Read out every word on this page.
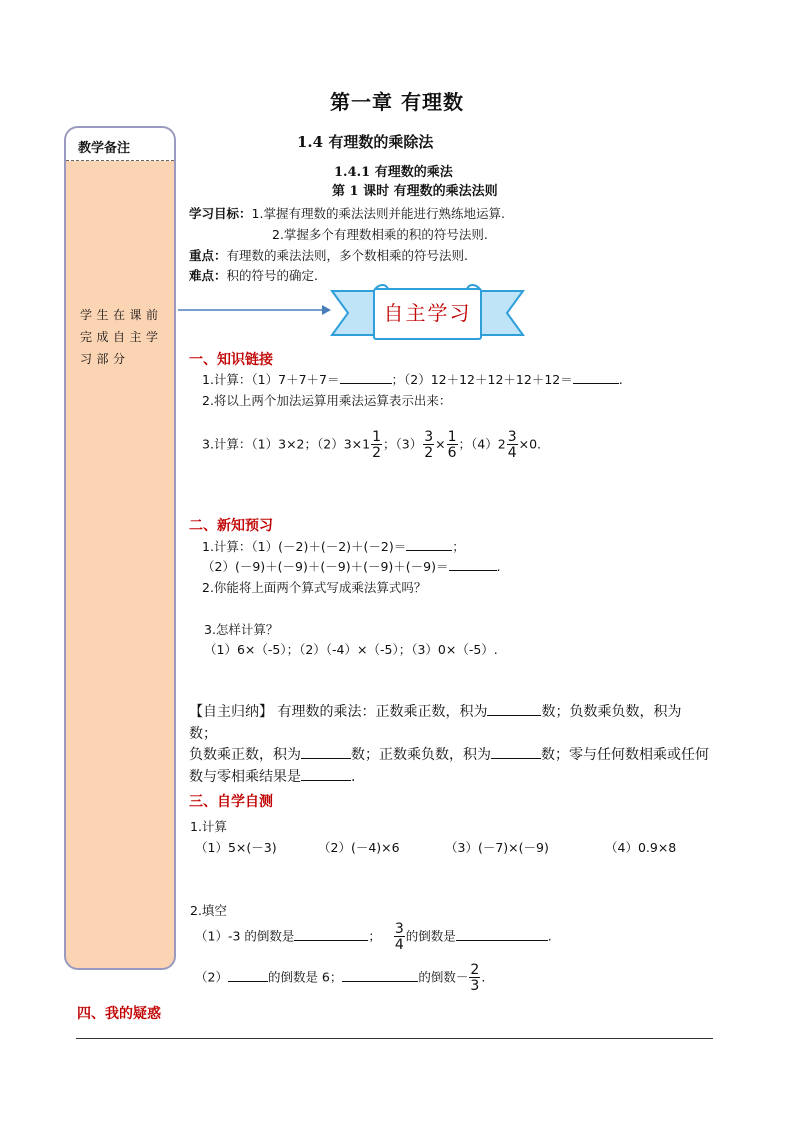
第一章 有理数
教学备注
学生在课前完成自主学习部分
1.4 有理数的乘除法
1.4.1 有理数的乘法
第 1 课时 有理数的乘法法则
学习目标：1.掌握有理数的乘法法则并能进行熟练地运算.
2.掌握多个有理数相乘的积的符号法则.
重点：有理数的乘法法则，多个数相乘的符号法则.
难点：积的符号的确定.
自主学习
一、知识链接
1.计算：（1）7＋7＋7＝	；（2）12＋12＋12＋12＋12＝	.
2.将以上两个加法运算用乘法运算表示出来：
3.计算：（1）3×2；$(2)3\times 1 \frac{1}{2}$ ；$(3) \frac{3}{2} \times \frac{1}{6}$ ；$(4)2 \frac{3}{4} \times 0$.
二、新知预习
1.计算：（1）(－2)＋(－2)＋(－2)＝	；
（2）(－9)＋(－9)＋(－9)＋(－9)＋(－9)＝	.
2.你能将上面两个算式写成乘法算式吗？
3.怎样计算？
（1）6×（-5）；（2）（-4）×（-5）；（3）0×（-5）.
【自主归纳】 有理数的乘法：正数乘正数，积为	数；负数乘负数，积为
数；
负数乘正数，积为	数；正数乘负数，积为	数；零与任何数相乘或任何
数与零相乘结果是	.
三、自学自测
1.计算
（1）5×(－3)	（2）(－4)×6	（3）(－7)×(－9)	（4）0.9×8
2.填空
（1）-3 的倒数是	； $\frac{3}{4}$ 的倒数是	.
（2）	的倒数是 6；	的倒数－ $\frac{2}{3}$ .
四、我的疑惑
